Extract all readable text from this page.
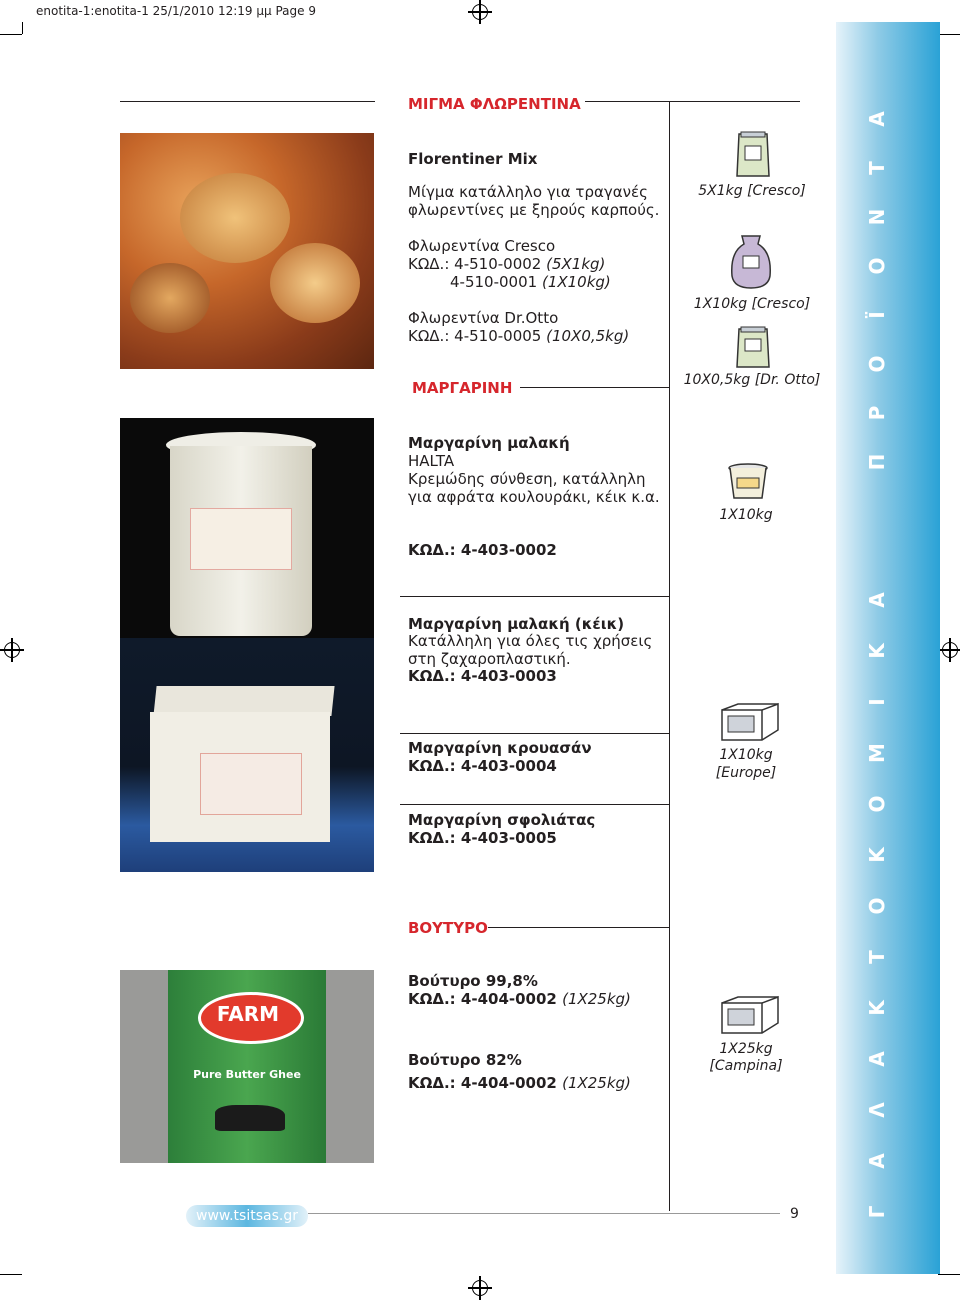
enotita-1:enotita-1 25/1/2010 12:19 μμ Page 9
Γ
Α
Λ
Α
Κ
Τ
Ο
Κ
Ο
Μ
Ι
Κ
Α
Π
Ρ
Ο
Ϊ
Ο
Ν
Τ
Α
ΜΙΓΜΑ ΦΛΩΡΕΝΤΙΝΑ
Florentiner Mix
Μίγμα κατάλληλο για τραγανές
φλωρεντίνες με ξηρούς καρπούς.
Φλωρεντίνα Cresco
ΚΩΔ.: 4-510-0002 (5X1kg)
4-510-0001 (1X10kg)
Φλωρεντίνα Dr.Otto
ΚΩΔ.: 4-510-0005 (10X0,5kg)
ΜΑΡΓΑΡΙΝΗ
Μαργαρίνη μαλακή
HALTA
Κρεμώδης σύνθεση, κατάλληλη
για αφράτα κουλουράκι, κέικ κ.α.
ΚΩΔ.: 4-403-0002
Μαργαρίνη μαλακή (κέικ)
Κατάλληλη για όλες τις χρήσεις
στη ζαχαροπλαστική.
ΚΩΔ.: 4-403-0003
Μαργαρίνη κρουασάν
ΚΩΔ.: 4-403-0004
Μαργαρίνη σφολιάτας
ΚΩΔ.: 4-403-0005
ΒΟΥΤΥΡΟ
FARM
Pure Butter Ghee
Βούτυρο 99,8%
ΚΩΔ.: 4-404-0002 (1X25kg)
Βούτυρο 82%
ΚΩΔ.: 4-404-0002 (1X25kg)
5X1kg [Cresco]
1X10kg [Cresco]
10X0,5kg [Dr. Otto]
1X10kg
1X10kg
[Europe]
1X25kg
[Campina]
www.tsitsas.gr	9
